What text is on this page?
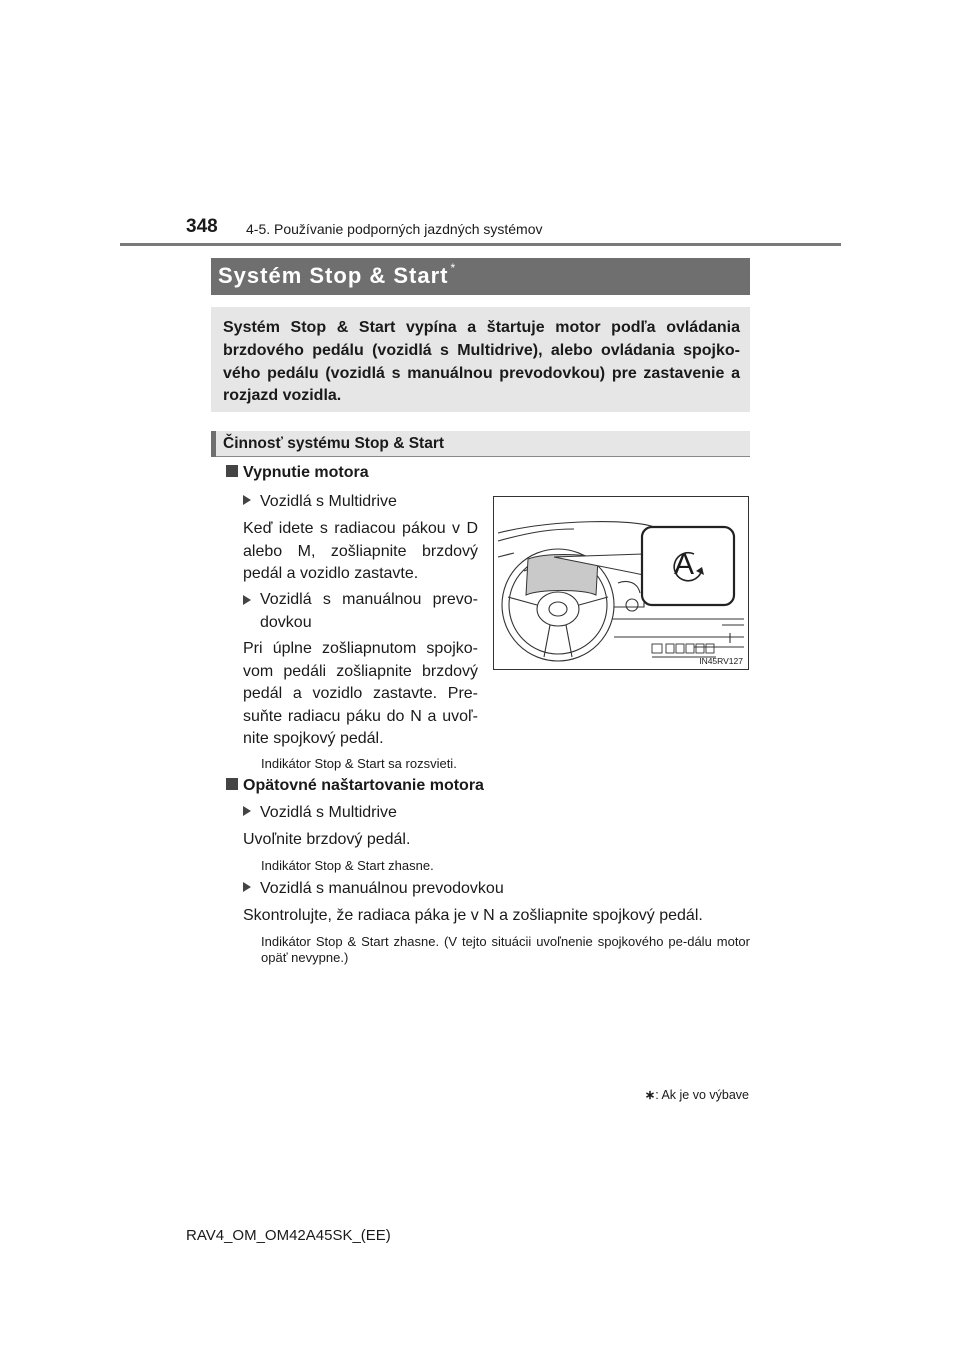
348 4-5. Používanie podporných jazdných systémov
Systém Stop & Start *
Systém Stop & Start vypína a štartuje motor podľa ovládania brzdového pedálu (vozidlá s Multidrive), alebo ovládania spojko-vého pedálu (vozidlá s manuálnou prevodovkou) pre zastavenie a rozjazd vozidla.
Činnosť systému Stop & Start
Vypnutie motora
Vozidlá s Multidrive
Keď idete s radiacou pákou v D alebo M, zošliapnite brzdový pedál a vozidlo zastavte.
Vozidlá s manuálnou prevo-dovkou
Pri úplne zošliapnutom spojko-vom pedáli zošliapnite brzdový pedál a vozidlo zastavte. Pre-suňte radiacu páku do N a uvoľ-nite spojkový pedál.
Indikátor Stop & Start sa rozsvieti.
A
IN45RV127
Opätovné naštartovanie motora
Vozidlá s Multidrive
Uvoľnite brzdový pedál.
Indikátor Stop & Start zhasne.
Vozidlá s manuálnou prevodovkou
Skontrolujte, že radiaca páka je v N a zošliapnite spojkový pedál.
Indikátor Stop & Start zhasne. (V tejto situácii uvoľnenie spojkového pe-dálu motor opäť nevypne.)
∗: Ak je vo výbave
RAV4_OM_OM42A45SK_(EE)
